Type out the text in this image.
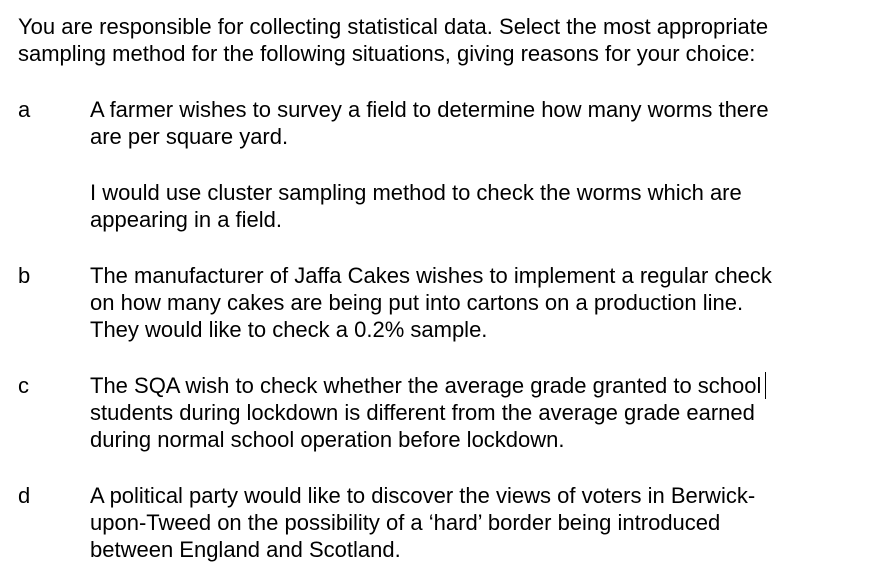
You are responsible for collecting statistical data. Select the most appropriate
sampling method for the following situations, giving reasons for your choice:
a	A farmer wishes to survey a field to determine how many worms there
are per square yard.
I would use cluster sampling method to check the worms which are
appearing in a field.
b	The manufacturer of Jaffa Cakes wishes to implement a regular check
on how many cakes are being put into cartons on a production line.
They would like to check a 0.2% sample.
c	The SQA wish to check whether the average grade granted to school
students during lockdown is different from the average grade earned
during normal school operation before lockdown.
d	A political party would like to discover the views of voters in Berwick-
upon-Tweed on the possibility of a ‘hard’ border being introduced
between England and Scotland.
